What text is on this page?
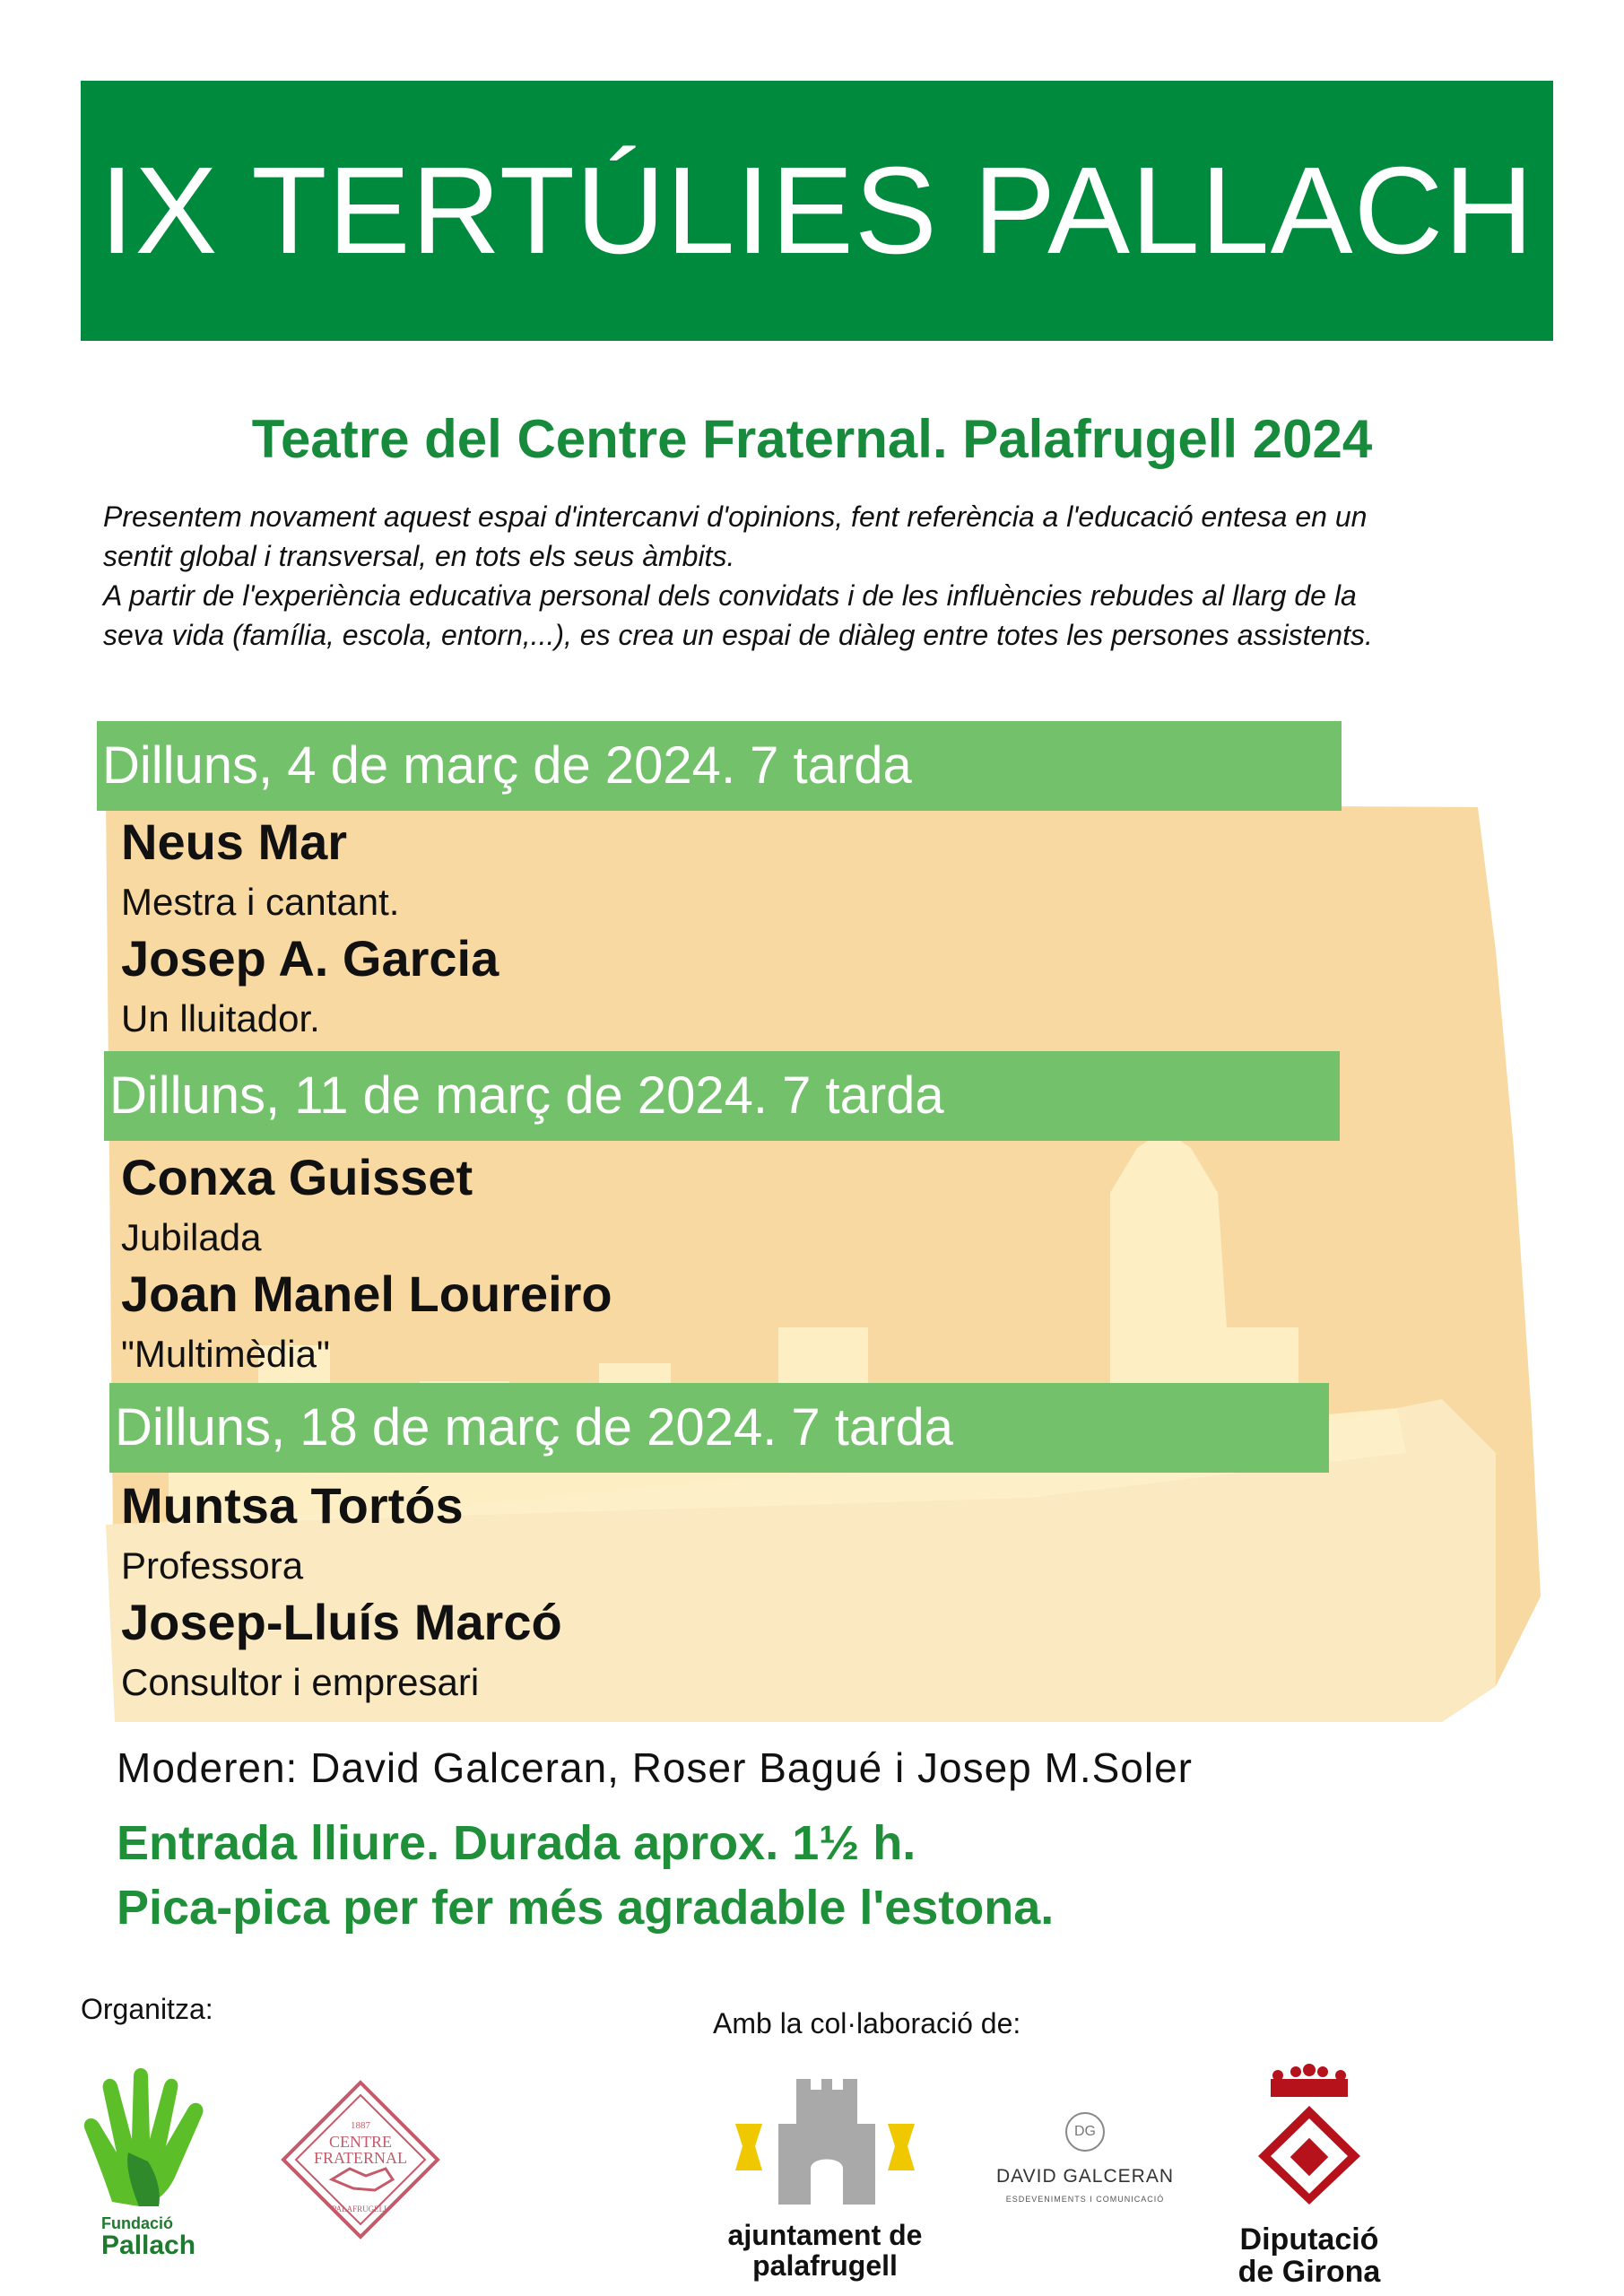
IX TERTÚLIES PALLACH
Teatre del Centre Fraternal. Palafrugell 2024
Presentem novament aquest espai d'intercanvi d'opinions, fent referència a l'educació entesa en un
sentit global i transversal, en tots els seus àmbits.
A partir de l'experiència educativa personal dels convidats i de les influències rebudes al llarg de la
seva vida (família, escola, entorn,...), es crea un espai de diàleg entre totes les persones assistents.
Dilluns, 4 de març de 2024. 7 tarda
Neus Mar
Mestra i cantant.
Josep A. Garcia
Un lluitador.
Dilluns, 11 de març de 2024. 7 tarda
Conxa Guisset
Jubilada
Joan Manel Loureiro
"Multimèdia"
Dilluns, 18 de març de 2024. 7 tarda
Muntsa Tortós
Professora
Josep-Lluís Marcó
Consultor i empresari
Moderen: David Galceran, Roser Bagué i Josep M.Soler
Entrada lliure. Durada aprox. 1½ h.
Pica-pica per fer més agradable l'estona.
Organitza:	Amb la col·laboració de:
Fundació
Pallach
1887
CENTRE
FRATERNAL
PALAFRUGELL
ajuntament de
palafrugell
DG
DAVID GALCERAN
ESDEVENIMENTS I COMUNICACIÓ
Diputació
de Girona
